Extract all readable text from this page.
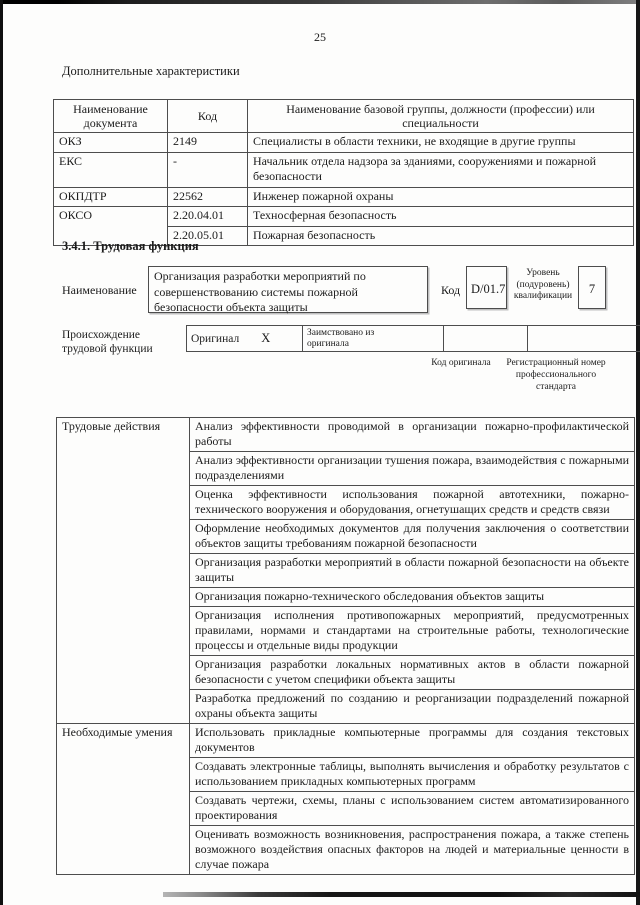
25
Дополнительные характеристики
Наименование документа	Код	Наименование базовой группы, должности (профессии) или специальности
ОКЗ	2149	Специалисты в области техники, не входящие в другие группы
ЕКС	-	Начальник отдела надзора за зданиями, сооружениями и пожарной безопасности
ОКПДТР	22562	Инженер пожарной охраны
ОКСО	2.20.04.01	Техносферная безопасность
	2.20.05.01	Пожарная безопасность
3.4.1. Трудовая функция
Наименование
Организация разработки мероприятий по совершенствованию системы пожарной безопасности объекта защиты
Код D/01.7
Уровень (подуровень) квалификации	7
Происхождение трудовой функции
Оригинал X	Заимствовано из оригинала

Код оригинала	Регистрационный номер профессионального стандарта
Трудовые действия	Анализ эффективности проводимой в организации пожарно-профилактической работы
	Анализ эффективности организации тушения пожара, взаимодействия с пожарными подразделениями
	Оценка эффективности использования пожарной автотехники, пожарно-технического вооружения и оборудования, огнетушащих средств и средств связи
	Оформление необходимых документов для получения заключения о соответствии объектов защиты требованиям пожарной безопасности
	Организация разработки мероприятий в области пожарной безопасности на объекте защиты
	Организация пожарно-технического обследования объектов защиты
	Организация исполнения противопожарных мероприятий, предусмотренных правилами, нормами и стандартами на строительные работы, технологические процессы и отдельные виды продукции
	Организация разработки локальных нормативных актов в области пожарной безопасности с учетом специфики объекта защиты
	Разработка предложений по созданию и реорганизации подразделений пожарной охраны объекта защиты
Необходимые умения	Использовать прикладные компьютерные программы для создания текстовых документов
	Создавать электронные таблицы, выполнять вычисления и обработку результатов с использованием прикладных компьютерных программ
	Создавать чертежи, схемы, планы с использованием систем автоматизированного проектирования
	Оценивать возможность возникновения, распространения пожара, а также степень возможного воздействия опасных факторов на людей и материальные ценности в случае пожара
